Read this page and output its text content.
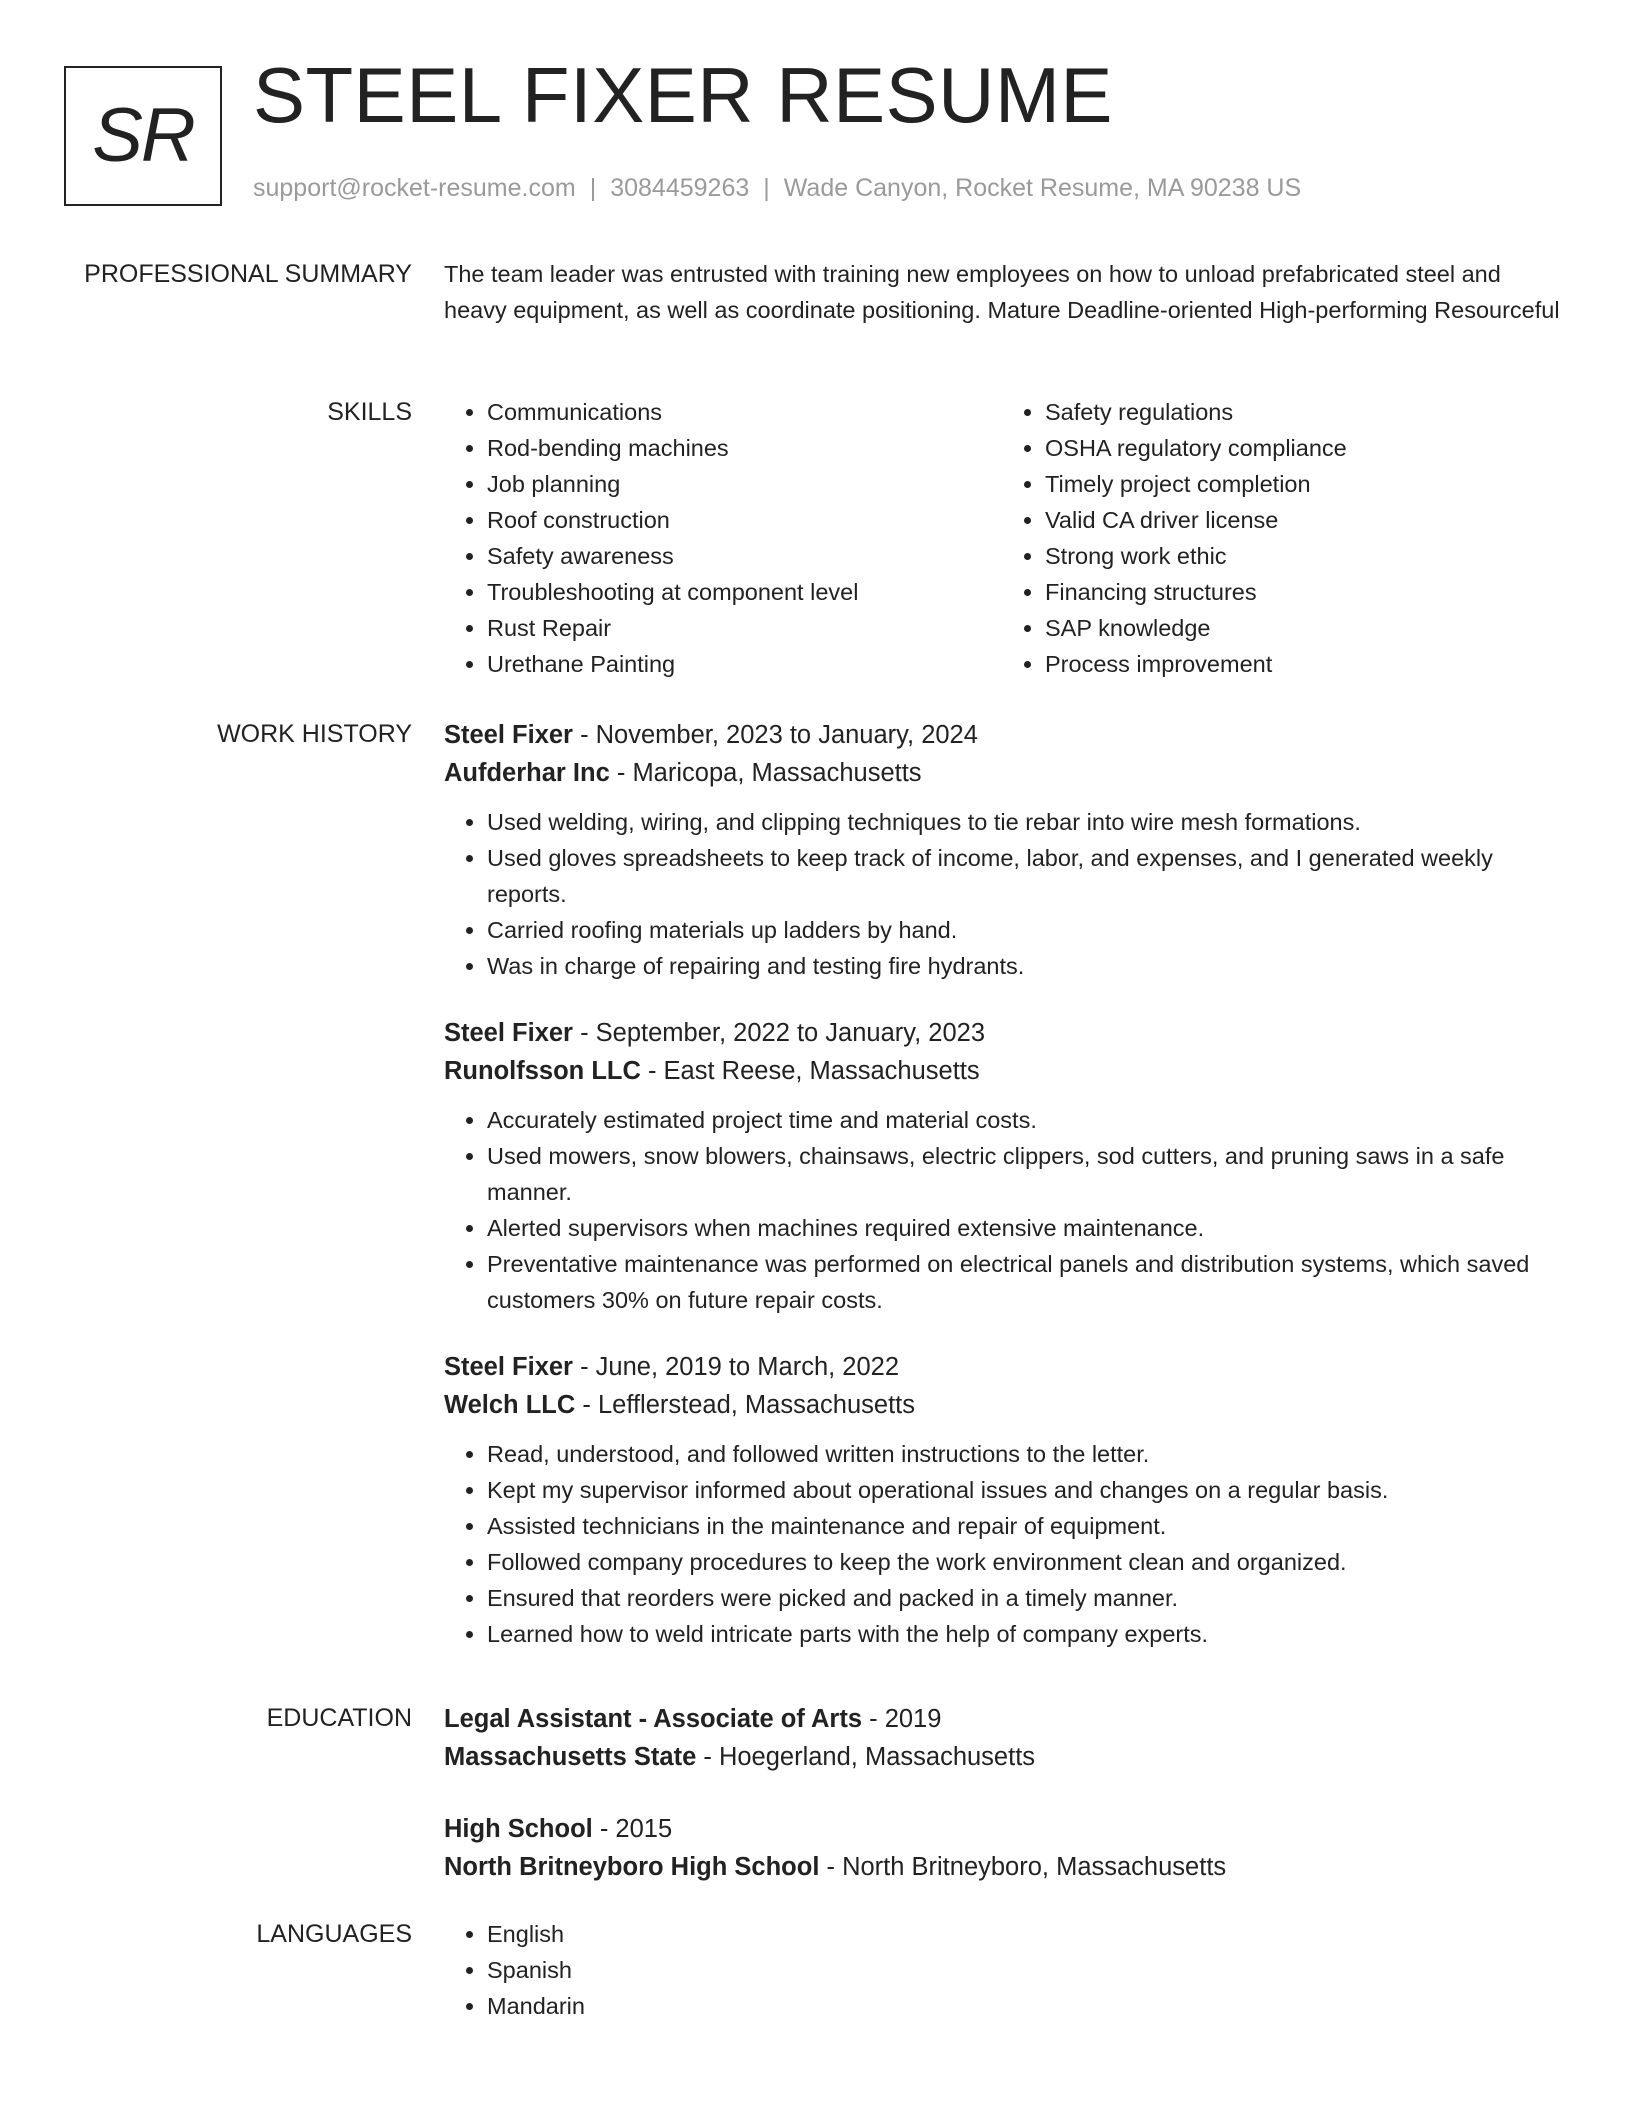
SR STEEL FIXER RESUME
support@rocket-resume.com | 3084459263 | Wade Canyon, Rocket Resume, MA 90238 US
PROFESSIONAL SUMMARY The team leader was entrusted with training new employees on how to unload prefabricated steel and heavy equipment, as well as coordinate positioning. Mature Deadline-oriented High-performing Resourceful
SKILLS	• Communications
• Rod-bending machines
• Job planning
• Roof construction
• Safety awareness
• Troubleshooting at component level
• Rust Repair
• Urethane Painting
• Safety regulations
• OSHA regulatory compliance
• Timely project completion
• Valid CA driver license
• Strong work ethic
• Financing structures
• SAP knowledge
• Process improvement
WORK HISTORY Steel Fixer - November, 2023 to January, 2024
Aufderhar Inc - Maricopa, Massachusetts
• Used welding, wiring, and clipping techniques to tie rebar into wire mesh formations.
• Used gloves spreadsheets to keep track of income, labor, and expenses, and I generated weekly reports.
• Carried roofing materials up ladders by hand.
• Was in charge of repairing and testing fire hydrants.
Steel Fixer - September, 2022 to January, 2023
Runolfsson LLC - East Reese, Massachusetts
• Accurately estimated project time and material costs.
• Used mowers, snow blowers, chainsaws, electric clippers, sod cutters, and pruning saws in a safe manner.
• Alerted supervisors when machines required extensive maintenance.
• Preventative maintenance was performed on electrical panels and distribution systems, which saved customers 30% on future repair costs.
Steel Fixer - June, 2019 to March, 2022
Welch LLC - Lefflerstead, Massachusetts
• Read, understood, and followed written instructions to the letter.
• Kept my supervisor informed about operational issues and changes on a regular basis.
• Assisted technicians in the maintenance and repair of equipment.
• Followed company procedures to keep the work environment clean and organized.
• Ensured that reorders were picked and packed in a timely manner.
• Learned how to weld intricate parts with the help of company experts.
EDUCATION Legal Assistant - Associate of Arts - 2019
Massachusetts State - Hoegerland, Massachusetts
High School - 2015
North Britneyboro High School - North Britneyboro, Massachusetts
LANGUAGES	• English
• Spanish
• Mandarin
